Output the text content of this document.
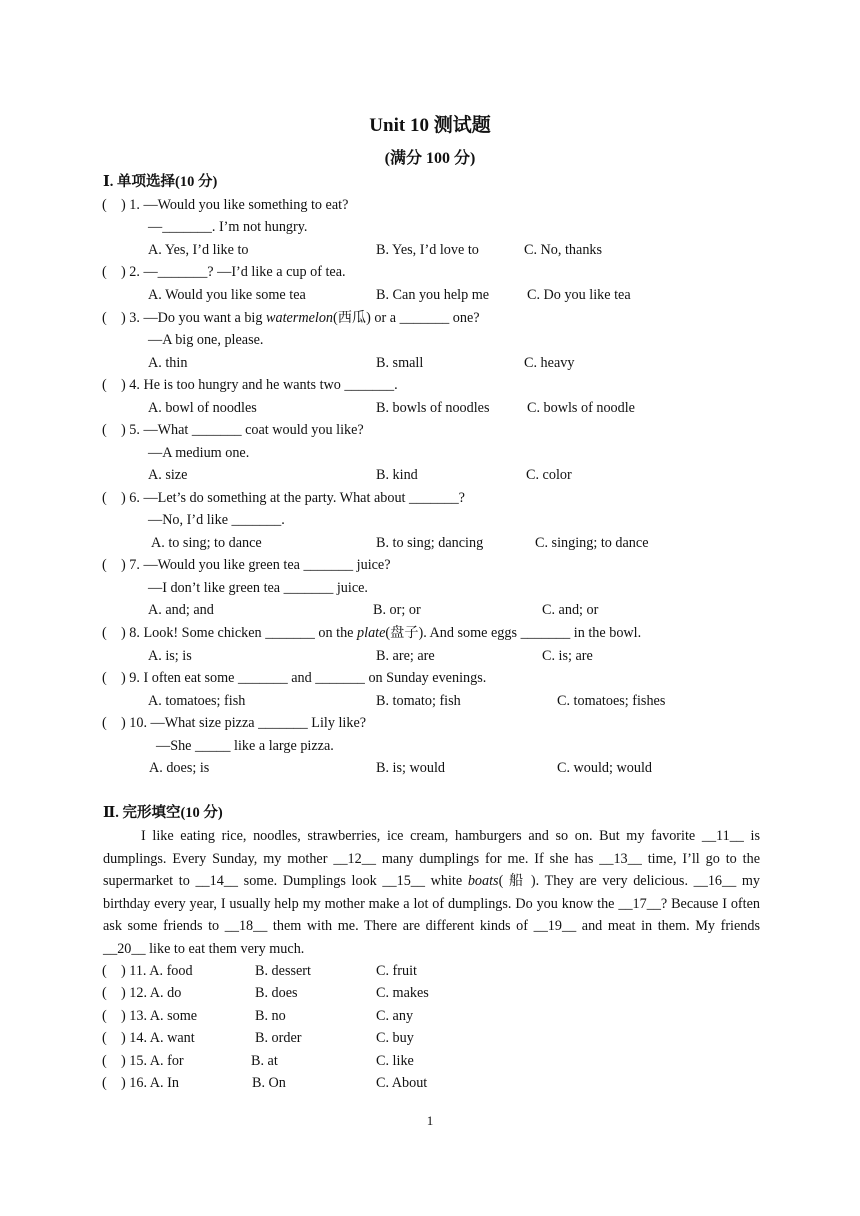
Unit 10 测试题
(满分 100 分)
Ⅰ. 单项选择(10 分)
( ) 1. —Would you like something to eat?
—_______. I’m not hungry.
A. Yes, I’d like to	B. Yes, I’d love to	C. No, thanks
( ) 2. —_______? —I’d like a cup of tea.
A. Would you like some tea	B. Can you help me	C. Do you like tea
( ) 3. —Do you want a big watermelon(西瓜) or a _______ one?
—A big one, please.
A. thin	B. small	C. heavy
( ) 4. He is too hungry and he wants two _______.
A. bowl of noodles	B. bowls of noodles	C. bowls of noodle
( ) 5. —What _______ coat would you like?
—A medium one.
A. size	B. kind	C. color
( ) 6. —Let’s do something at the party. What about _______?
—No, I’d like _______.
A. to sing; to dance	B. to sing; dancing	C. singing; to dance
( ) 7. —Would you like green tea _______ juice?
—I don’t like green tea _______ juice.
A. and; and	B. or; or	C. and; or
( ) 8. Look! Some chicken _______ on the plate(盘子). And some eggs _______ in the bowl.
A. is; is	B. are; are	C. is; are
( ) 9. I often eat some _______ and _______ on Sunday evenings.
A. tomatoes; fish	B. tomato; fish	C. tomatoes; fishes
( ) 10. —What size pizza _______ Lily like?
—She _____ like a large pizza.
A. does; is	B. is; would	C. would; would
Ⅱ. 完形填空(10 分)
I like eating rice, noodles, strawberries, ice cream, hamburgers and so on. But my favorite __11__ is dumplings. Every Sunday, my mother __12__ many dumplings for me. If she has __13__ time, I’ll go to the supermarket to __14__ some. Dumplings look __15__ white boats( 船 ). They are very delicious. __16__ my birthday every year, I usually help my mother make a lot of dumplings. Do you know the __17__? Because I often ask some friends to __18__ them with me. There are different kinds of __19__ and meat in them. My friends __20__ like to eat them very much.
( ) 11. A. food	B. dessert	C. fruit
( ) 12. A. do	B. does	C. makes
( ) 13. A. some	B. no	C. any
( ) 14. A. want	B. order	C. buy
( ) 15. A. for	B. at	C. like
( ) 16. A. In	B. On	C. About
1
